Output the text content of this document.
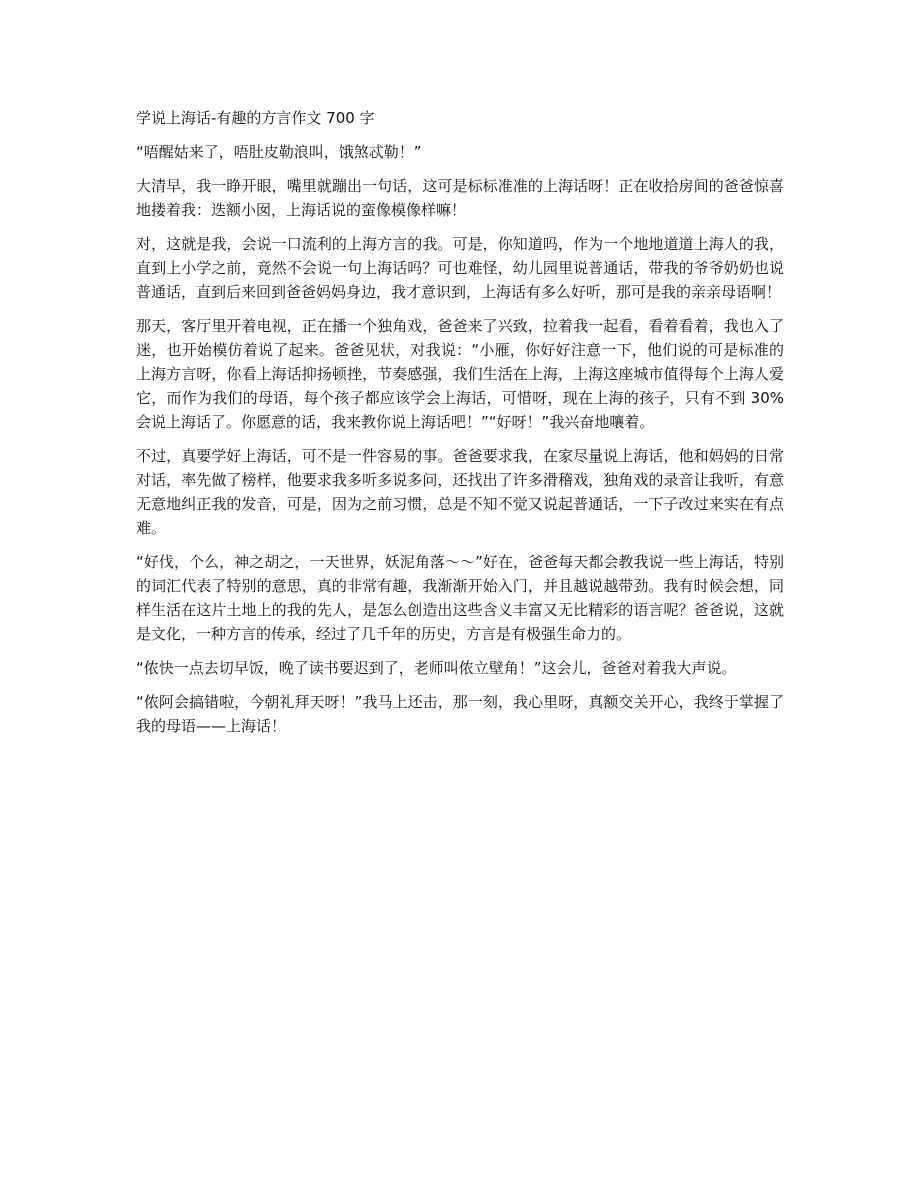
学说上海话-有趣的方言作文 700 字

“唔醒姑来了，唔肚皮勒浪叫，饿煞忒勒！”

大清早，我一睁开眼，嘴里就蹦出一句话，这可是标标准准的上海话呀！正在收拾房间的爸爸惊喜地搂着我：迭额小囡，上海话说的蛮像模像样嘛！

对，这就是我，会说一口流利的上海方言的我。可是，你知道吗，作为一个地地道道上海人的我，直到上小学之前，竟然不会说一句上海话吗？可也难怪，幼儿园里说普通话，带我的爷爷奶奶也说普通话，直到后来回到爸爸妈妈身边，我才意识到，上海话有多么好听，那可是我的亲亲母语啊！

那天，客厅里开着电视，正在播一个独角戏，爸爸来了兴致，拉着我一起看，看着看着，我也入了迷，也开始模仿着说了起来。爸爸见状，对我说：“小雁，你好好注意一下，他们说的可是标准的上海方言呀，你看上海话抑扬顿挫，节奏感强，我们生活在上海，上海这座城市值得每个上海人爱它，而作为我们的母语，每个孩子都应该学会上海话，可惜呀，现在上海的孩子，只有不到 30%会说上海话了。你愿意的话，我来教你说上海话吧！”“好呀！”我兴奋地嚷着。

不过，真要学好上海话，可不是一件容易的事。爸爸要求我，在家尽量说上海话，他和妈妈的日常对话，率先做了榜样，他要求我多听多说多问，还找出了许多滑稽戏，独角戏的录音让我听，有意无意地纠正我的发音，可是，因为之前习惯，总是不知不觉又说起普通话，一下子改过来实在有点难。

“好伐，个么，神之胡之，一天世界，妖泥角落～～”好在，爸爸每天都会教我说一些上海话，特别的词汇代表了特别的意思，真的非常有趣，我渐渐开始入门，并且越说越带劲。我有时候会想，同样生活在这片土地上的我的先人，是怎么创造出这些含义丰富又无比精彩的语言呢？爸爸说，这就是文化，一种方言的传承，经过了几千年的历史，方言是有极强生命力的。

“侬快一点去切早饭，晚了读书要迟到了，老师叫侬立壁角！”这会儿，爸爸对着我大声说。

“侬阿会搞错啦，今朝礼拜天呀！”我马上还击，那一刻，我心里呀，真额交关开心，我终于掌握了我的母语——上海话！
